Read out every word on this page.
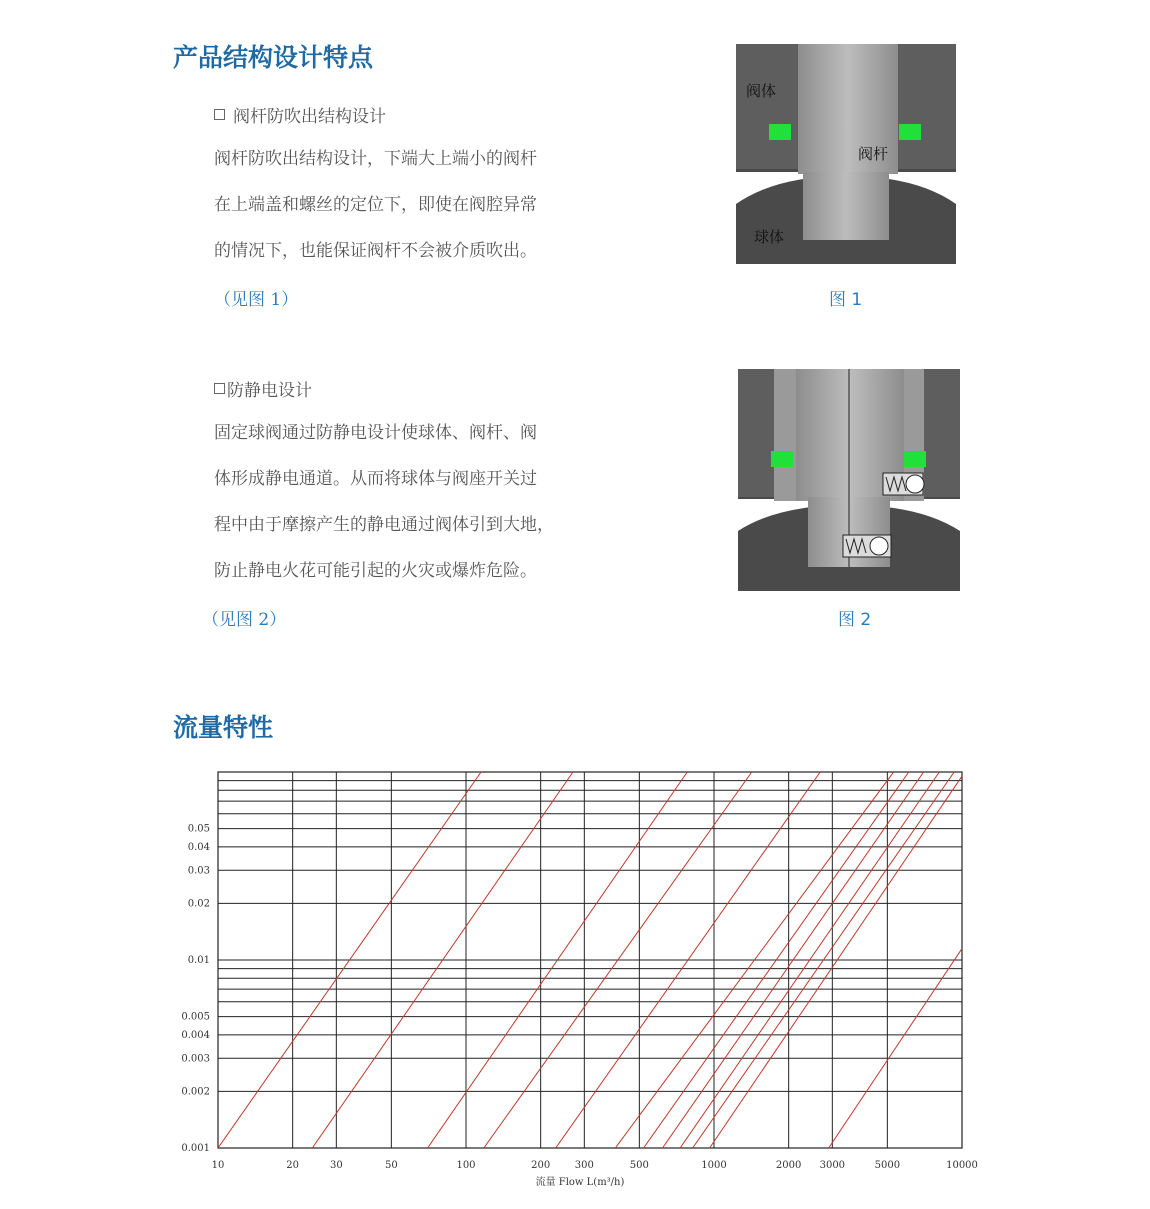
产品结构设计特点
阀杆防吹出结构设计

阀杆防吹出结构设计，下端大上端小的阀杆

在上端盖和螺丝的定位下，即使在阀腔异常

的情况下，也能保证阀杆不会被介质吹出。

（见图 1）
阀体
阀杆
球体
图 1
防静电设计

固定球阀通过防静电设计使球体、阀杆、阀

体形成静电通道。从而将球体与阀座开关过

程中由于摩擦产生的静电通过阀体引到大地，

防止静电火花可能引起的火灾或爆炸危险。

（见图 2）	图 2
流量特性
10	20	30	50	100	200 300	500	1000	2000 3000	5000	10000
0.001
0.002
0.003
0.004
0.005
0.01
0.02
0.03
0.04
0.05
流量 Flow L(m³/h)
